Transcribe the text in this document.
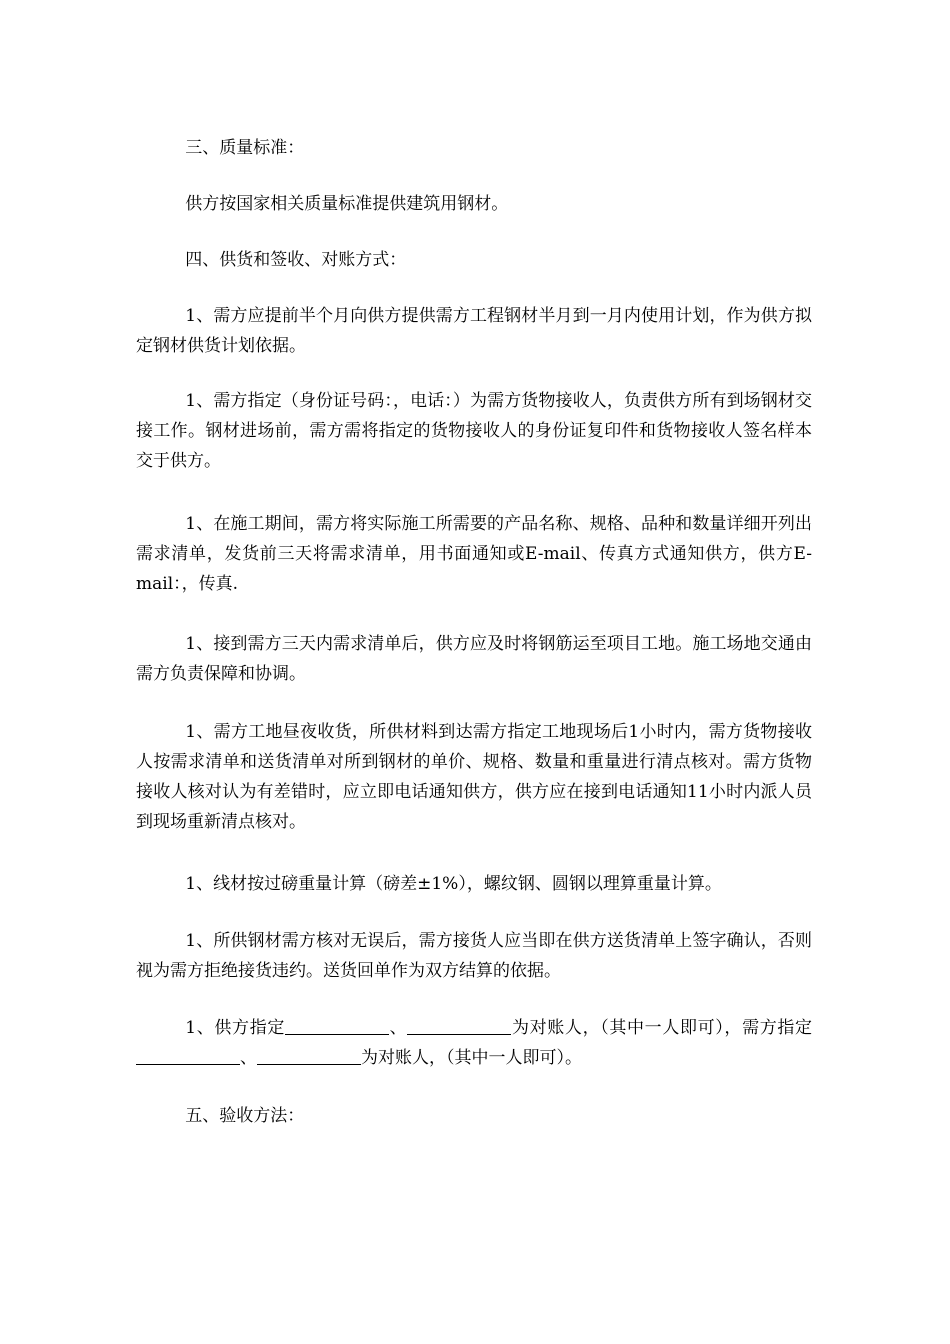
三、质量标准：

供方按国家相关质量标准提供建筑用钢材。

四、供货和签收、对账方式：

1、需方应提前半个月向供方提供需方工程钢材半月到一月内使用计划，作为供方拟定钢材供货计划依据。

1、需方指定（身份证号码：，电话：）为需方货物接收人，负责供方所有到场钢材交接工作。钢材进场前，需方需将指定的货物接收人的身份证复印件和货物接收人签名样本交于供方。

1、在施工期间，需方将实际施工所需要的产品名称、规格、品种和数量详细开列出需求清单，发货前三天将需求清单，用书面通知或E-mail、传真方式通知供方，供方E-mail：，传真.

1、接到需方三天内需求清单后，供方应及时将钢筋运至项目工地。施工场地交通由需方负责保障和协调。

1、需方工地昼夜收货，所供材料到达需方指定工地现场后1小时内，需方货物接收人按需求清单和送货清单对所到钢材的单价、规格、数量和重量进行清点核对。需方货物接收人核对认为有差错时，应立即电话通知供方，供方应在接到电话通知11小时内派人员到现场重新清点核对。

1、线材按过磅重量计算（磅差±1%），螺纹钢、圆钢以理算重量计算。

1、所供钢材需方核对无误后，需方接货人应当即在供方送货清单上签字确认，否则视为需方拒绝接货违约。送货回单作为双方结算的依据。

1、供方指定	、	为对账人，（其中一人即可），需方指定、	为对账人，（其中一人即可）。

五、验收方法：
